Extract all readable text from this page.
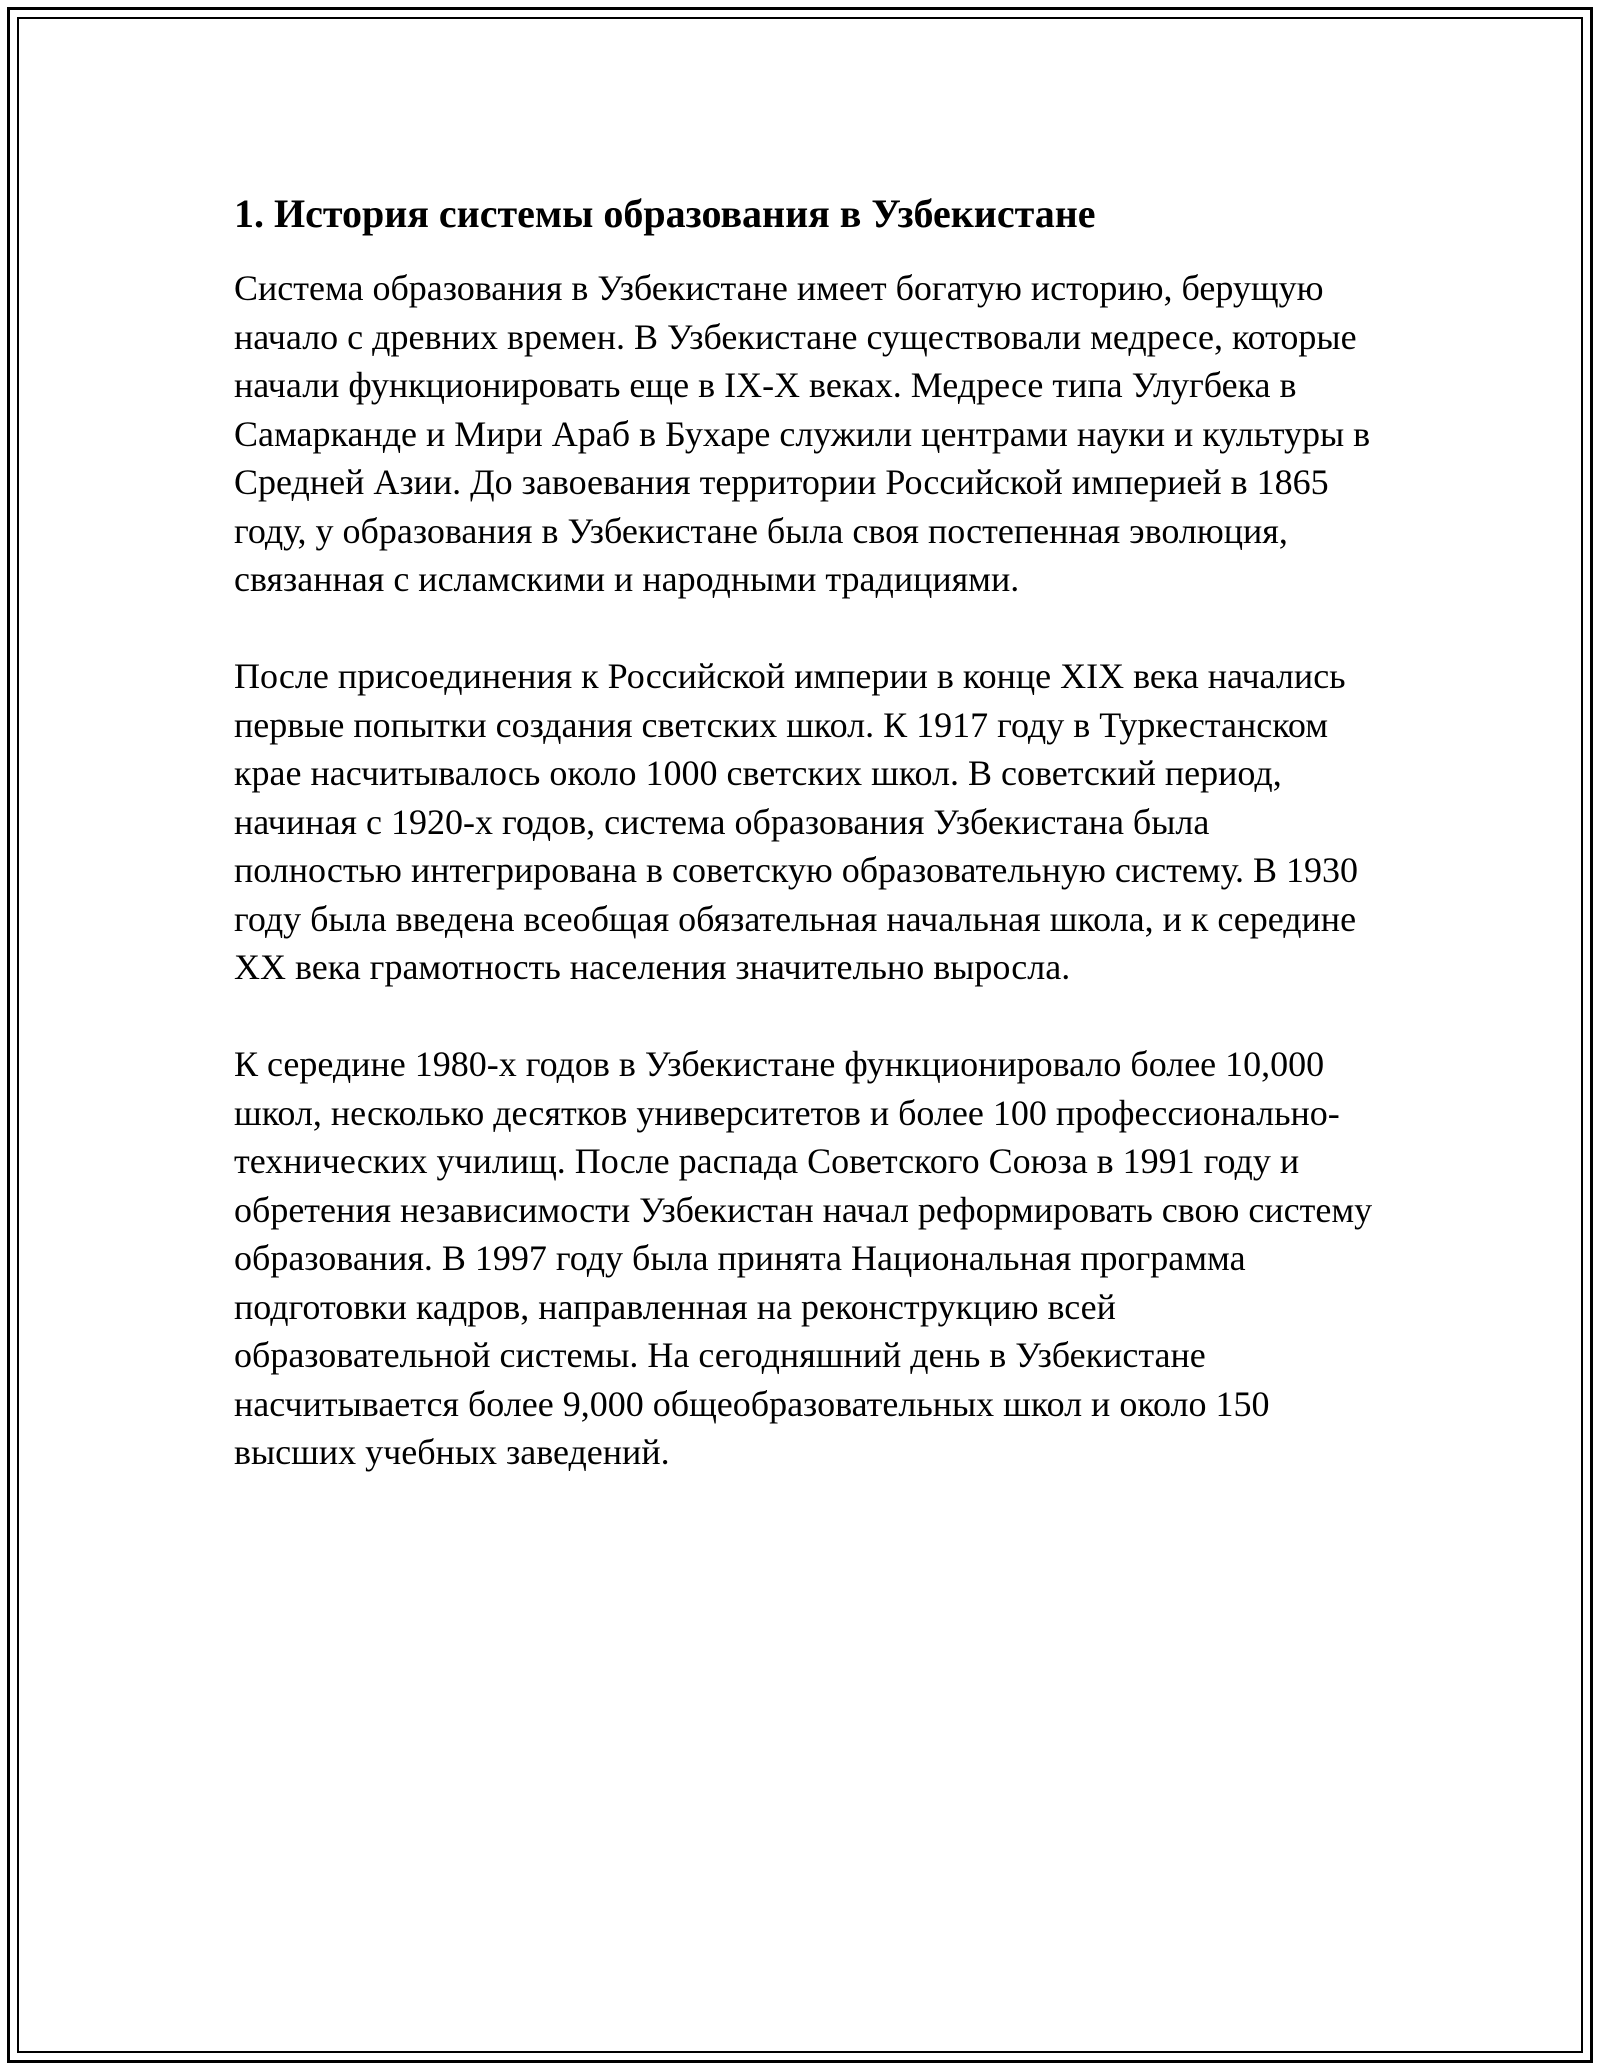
1. История системы образования в Узбекистане

Система образования в Узбекистане имеет богатую историю, берущую начало с древних времен. В Узбекистане существовали медресе, которые начали функционировать еще в IX-X веках. Медресе типа Улугбека в Самарканде и Мири Араб в Бухаре служили центрами науки и культуры в Средней Азии. До завоевания территории Российской империей в 1865 году, у образования в Узбекистане была своя постепенная эволюция, связанная с исламскими и народными традициями.

После присоединения к Российской империи в конце XIX века начались первые попытки создания светских школ. К 1917 году в Туркестанском крае насчитывалось около 1000 светских школ. В советский период, начиная с 1920-х годов, система образования Узбекистана была полностью интегрирована в советскую образовательную систему. В 1930 году была введена всеобщая обязательная начальная школа, и к середине XX века грамотность населения значительно выросла.

К середине 1980-х годов в Узбекистане функционировало более 10,000 школ, несколько десятков университетов и более 100 профессионально-технических училищ. После распада Советского Союза в 1991 году и обретения независимости Узбекистан начал реформировать свою систему образования. В 1997 году была принята Национальная программа подготовки кадров, направленная на реконструкцию всей образовательной системы. На сегодняшний день в Узбекистане насчитывается более 9,000 общеобразовательных школ и около 150 высших учебных заведений.
